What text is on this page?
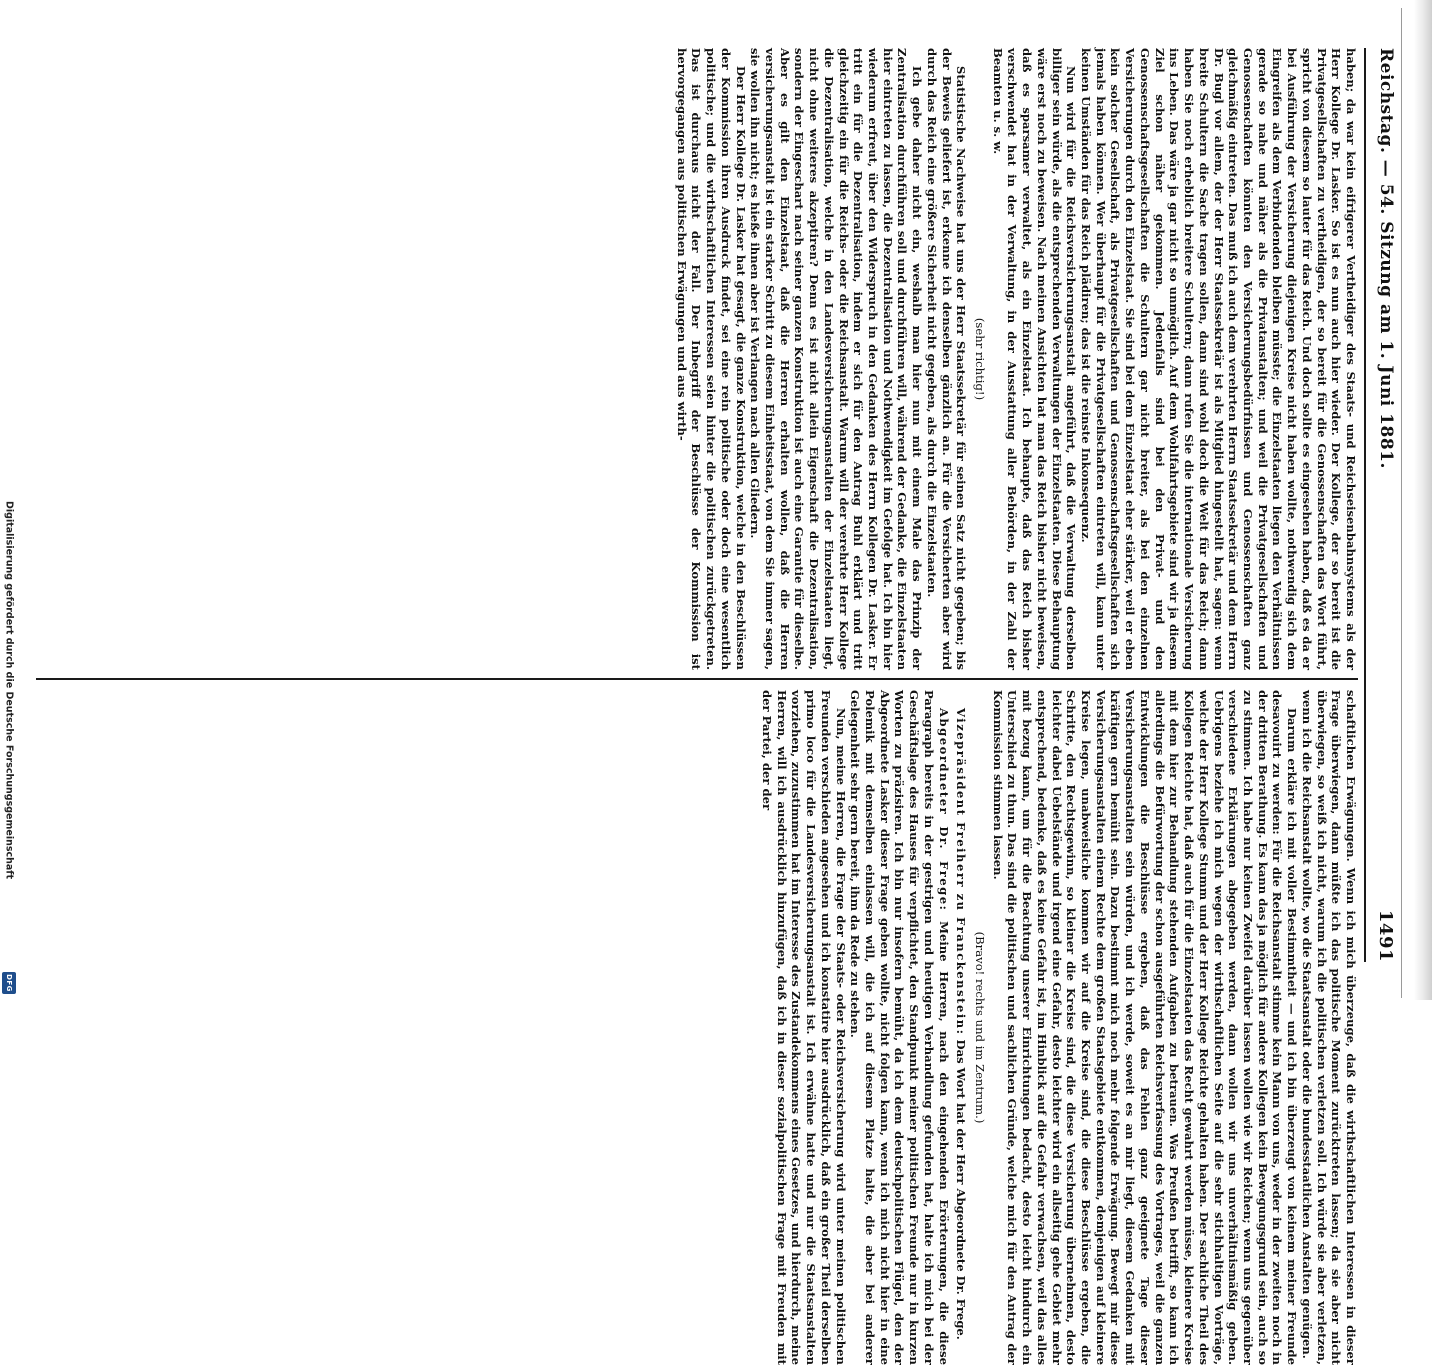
Reichstag. — 54. Sitzung am 1. Juni 1881.
1491

haben; da war kein eifrigerer Vertheidiger des Staats- und Reichseisenbahnsystems als der Herr Kollege Dr. Lasker. So ist es nun auch hier wieder. Der Kollege, der so bereit ist die Privatgesellschaften zu vertheidigen, der so bereit für die Genossenschaften das Wort führt, spricht von diesem so lauter für das Reich. Und doch sollte es eingesehen haben, daß es da er bei Ausführung der Versicherung diejenigen Kreise nicht haben wollte, nothwendig sich dem Eingreifen als dem Verbindenden bleiben müsste; die Einzelstaaten liegen den Verhältnissen gerade so nahe und näher als die Privatanstalten; und weil die Privatgesellschaften und Genossenschaften könnten den Versicherungsbedürfnissen und Genossenschaften ganz gleichmäßig eintreten. Das muß ich auch dem verehrten Herrn Staatssekretär und dem Herrn Dr. Bugl vor allem, der der Herr Staatssekretär ist als Mitglied hingestellt hat, sagen: wenn breite Schultern die Sache tragen sollen, dann sind wohl doch die Welt für das Reich; dann haben Sie noch erheblich breitere Schultern; dann rufen Sie die internationale Versicherung ins Leben. Das wäre ja gar nicht so unmöglich. Auf dem Wohlfahrtsgebiete sind wir ja diesem Ziel schon näher gekommen. Jedenfalls sind bei den Privat- und den Genossenschaftsgesellschaften die Schultern gar nicht breiter, als bei den einzelnen Versicherungen durch den Einzelstaat. Sie sind bei dem Einzelstaat eher stärker, weil er eben kein solcher Gesellschaft, als Privatgesellschaften und Genossenschaftsgesellschaften sich jemals haben können. Wer überhaupt für die Privatgesellschaften eintreten will, kann unter keinen Umständen für das Reich plädiren; das ist die reinste Inkonsequenz.

Nun wird für die Reichsversicherungsanstalt angeführt, daß die Verwaltung derselben billiger sein würde, als die entsprechenden Verwaltungen der Einzelstaaten. Diese Behauptung wäre erst noch zu beweisen. Nach meinen Ansichten hat man das Reich bisher nicht beweisen, daß es sparsamer verwaltet, als ein Einzelstaat. Ich behaupte, daß das Reich bisher verschwendet hat in der Verwaltung, in der Ausstattung aller Behörden, in der Zahl der Beamten u. s. w.

(sehr richtig!)

Statistische Nachweise hat uns der Herr Staatssekretär für seinen Satz nicht gegeben; bis der Beweis geliefert ist, erkenne ich denselben gänzlich an. Für die Versicherten aber wird durch das Reich eine größere Sicherheit nicht gegeben, als durch die Einzelstaaten.

Ich gebe daher nicht ein, weshalb man hier nun mit einem Male das Prinzip der Zentralisation durchführen soll und durchführen will, während der Gedanke, die Einzelstaaten hier eintreten zu lassen, die Dezentralisation und Nothwendigkeit im Gefolge hat. Ich bin hier wiederum erfreut, über den Widerspruch in den Gedanken des Herrn Kollegen Dr. Lasker. Er tritt ein für die Dezentralisation, indem er sich für den Antrag Buhl erklärt und tritt gleichzeitig ein für die Reichs- oder die Reichsanstalt. Warum will der verehrte Herr Kollege die Dezentralisation, welche in den Landesversicherungsanstalten der Einzelstaaten liegt, nicht ohne weiteres akzeptiren? Denn es ist nicht allein Eigenschaft die Dezentralisation, sondern der Eingeschart nach seiner ganzen Konstruktion ist auch eine Garantie für dieselbe. Aber es gilt den Einzelstaat, daß die Herren erhalten wollen, daß die Herren versicherungsanstalt ist ein starker Schritt zu diesem Einheitsstaat, von dem Sie immer sagen, sie wollen ihn nicht; es hieße ihnen aber ist Verlangen nach allen Gliedern.

Der Herr Kollege Dr. Lasker hat gesagt, die ganze Konstruktion, welche in den Beschlüssen der Kommission ihren Ausdruck findet, sei eine rein politische oder doch eine wesentlich politische; und die wirthschaftlichen Interessen seien hinter die politischen zurückgetreten. Das ist durchaus nicht der Fall. Der Inbegriff der Beschlüsse der Kommission ist hervorgegangen aus politischen Erwägungen und aus wirth-

schaftlichen Erwägungen. Wenn ich mich überzeuge, daß die wirthschaftlichen Interessen in dieser Frage überwiegen, dann müßte ich das politische Moment zurücktreten lassen; da sie aber nicht überwiegen, so weiß ich nicht, warum ich die politischen verletzen soll. Ich würde sie aber verletzen, wenn ich die Reichsanstalt wollte, wo die Staatsanstalt oder die bundesstaatlichen Anstalten genügen.

Darum erkläre ich mit voller Bestimmtheit — und ich bin überzeugt von keinem meiner Freunde desavouirt zu werden: Für die Reichsanstalt stimme kein Mann von uns, weder in der zweiten noch in der dritten Berathung. Es kann das ja möglich für andere Kollegen kein Bewegungsgrund sein, auch so zu stimmen. Ich habe nur keinen Zweifel darüber lassen wollen wie wir Reichen; wenn uns gegenüber verschiedene Erklärungen abgegeben werden, dann wollen wir uns unverhältnismäßig geben. Uebrigens beziehe ich mich wegen der wirthschaftlichen Seite auf die sehr stichhaltigen Vorträge, welche der Herr Kollege Stumm und der Herr Kollege Reichte gehalten haben. Der sachliche Theil des Kollegen Reichte hat, daß auch für die Einzelstaaten das Recht gewahrt werden müsse, kleinere Kreise mit dem hier zur Behandlung stehenden Aufgaben zu betrauen. Was Preußen betrifft, so kann ich allerdings die Befürwortung der schon ausgeführten Reichsverfassung des Vortrages, weil die ganzen Entwicklungen die Beschlüsse ergeben, daß das Fehlen ganz geeignete Tage dieser Versicherungsanstalten sein würden, und ich werde, soweit es an mir liegt, diesem Gedanken mit kräftigen gern bemüht sein. Dazu bestimmt mich noch mehr folgende Erwägung. Bewegt mir diese Versicherungsanstalten einem Rechte dem großen Staatsgebiete entkommen, demjenigen auf kleinere Kreise legen, unabweisliche kommen wir auf die Kreise sind, die diese Beschlüsse ergeben, die Schritte, den Rechtsgewinn, so kleiner die Kreise sind, die diese Versicherung übernehmen, desto leichter dabei Uebelstände und irgend eine Gefahr, desto leichter wird ein allseitig gehe Gebiet mehr entsprechend, bedenke, daß es keine Gefahr ist, im Hinblick auf die Gefahr verwachsen, weil das alles mit bezug kann, um für die Beachtung unserer Einrichtungen bedacht, desto leicht hindurch ein Unterschied zu thun. Das sind die politischen und sachlichen Gründe, welche mich für den Antrag der Kommission stimmen lassen.

(Bravo! rechts und im Zentrum.)

Vizepräsident Freiherr zu Franckenstein: Das Wort hat der Herr Abgeordnete Dr. Frege.

Abgeordneter Dr. Frege: Meine Herren, nach den eingehenden Erörterungen, die diese Paragraph bereits in der gestrigen und heutigen Verhandlung gefunden hat, halte ich mich bei der Geschäftslage des Hauses für verpflichtet, den Standpunkt meiner politischen Freunde nur in kurzen Worten zu präzisiren. Ich bin nur insofern bemüht, da ich dem deutschpolitischen Flügel, den der Abgeordnete Lasker dieser Frage geben wollte, nicht folgen kann, wenn ich mich nicht hier in eine Polemik mit demselben einlassen will, die ich auf diesem Platze halte, die aber bei anderer Gelegenheit sehr gern bereit, ihm da Rede zu stehen.

Nun, meine Herren, die Frage der Staats- oder Reichsversicherung wird unter meinen politischen Freunden verschieden angesehen und ich konstatire hier ausdrücklich, daß ein großer Theil derselben primo loco für die Landesversicherungsanstalt ist. Ich erwähne hatte und nur die Staatsanstalten vorziehen, zuzustimmen hat im Interesse des Zustandekommens eines Gesetzes, und hierdurch, meine Herren, will ich ausdrücklich hinzufügen, daß ich in dieser sozialpolitischen Frage mit Freuden mit der Partei, der der

Digitalisierung gefördert durch die Deutsche Forschungsgemeinschaft
DFG
